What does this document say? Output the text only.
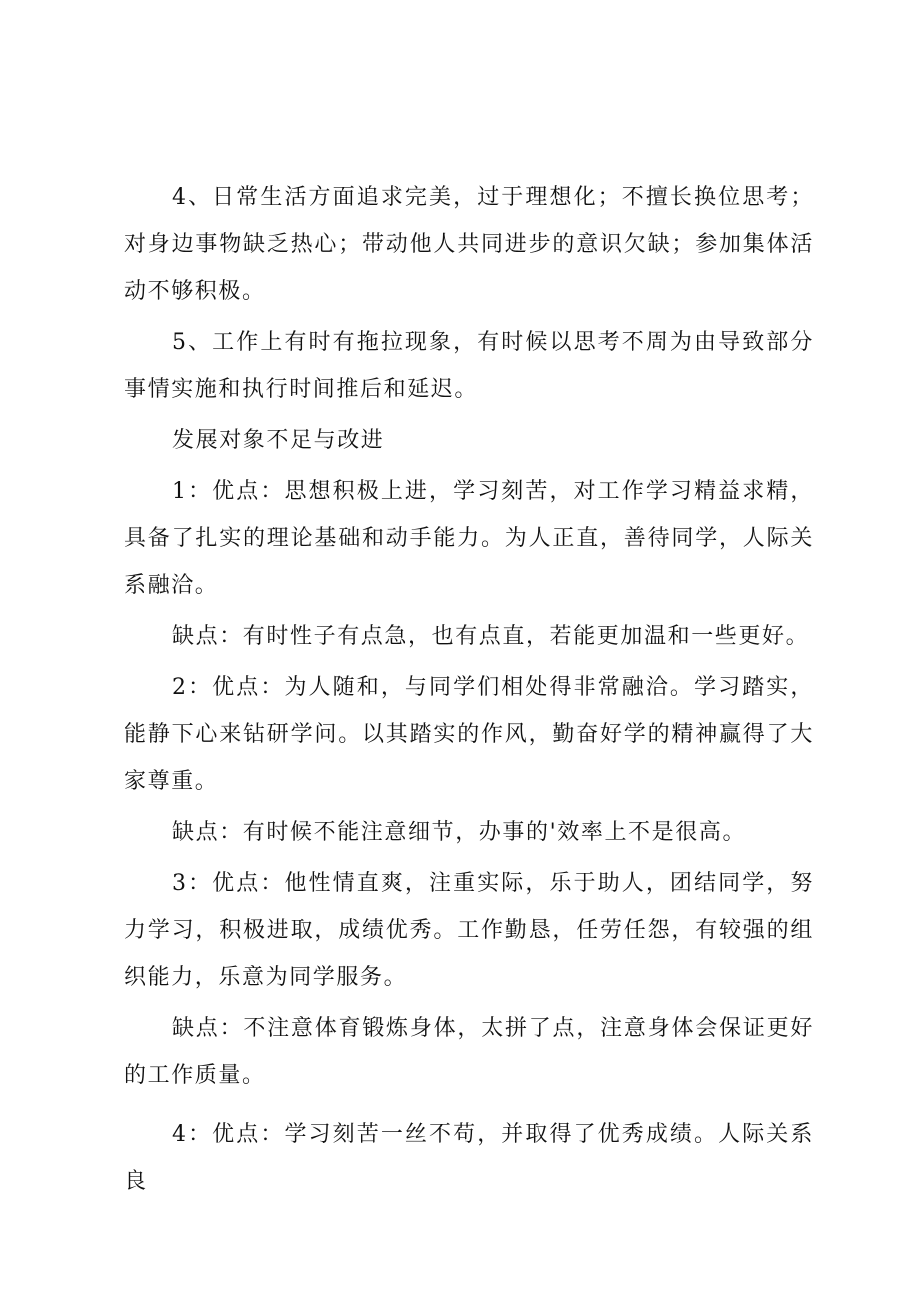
4、日常生活方面追求完美，过于理想化；不擅长换位思考；对身边事物缺乏热心；带动他人共同进步的意识欠缺；参加集体活动不够积极。

5、工作上有时有拖拉现象，有时候以思考不周为由导致部分事情实施和执行时间推后和延迟。

发展对象不足与改进

1：优点：思想积极上进，学习刻苦，对工作学习精益求精，具备了扎实的理论基础和动手能力。为人正直，善待同学，人际关系融洽。

缺点：有时性子有点急，也有点直，若能更加温和一些更好。

2：优点：为人随和，与同学们相处得非常融洽。学习踏实，能静下心来钻研学问。以其踏实的作风，勤奋好学的精神赢得了大家尊重。

缺点：有时候不能注意细节，办事的'效率上不是很高。

3：优点：他性情直爽，注重实际，乐于助人，团结同学，努力学习，积极进取，成绩优秀。工作勤恳，任劳任怨，有较强的组织能力，乐意为同学服务。

缺点：不注意体育锻炼身体，太拼了点，注意身体会保证更好的工作质量。

4：优点：学习刻苦一丝不苟，并取得了优秀成绩。人际关系良
